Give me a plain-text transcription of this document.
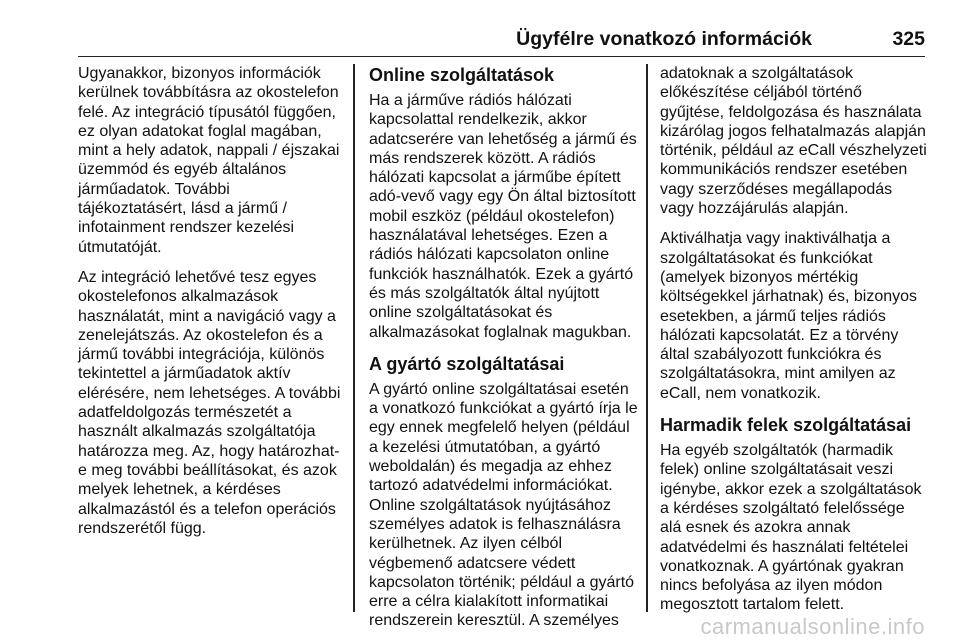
Ügyfélre vonatkozó információk	325
Ugyanakkor, bizonyos információk
kerülnek továbbításra az okostelefon
felé. Az integráció típusától függően,
ez olyan adatokat foglal magában,
mint a hely adatok, nappali / éjszakai
üzemmód és egyéb általános
járműadatok. További
tájékoztatásért, lásd a jármű /
infotainment rendszer kezelési
útmutatóját.
Az integráció lehetővé tesz egyes
okostelefonos alkalmazások
használatát, mint a navigáció vagy a
zenelejátszás. Az okostelefon és a
jármű további integrációja, különös
tekintettel a járműadatok aktív
elérésére, nem lehetséges. A további
adatfeldolgozás természetét a
használt alkalmazás szolgáltatója
határozza meg. Az, hogy határozhat-
e meg további beállításokat, és azok
melyek lehetnek, a kérdéses
alkalmazástól és a telefon operációs
rendszerétől függ.
Online szolgáltatások
Ha a járműve rádiós hálózati
kapcsolattal rendelkezik, akkor
adatcserére van lehetőség a jármű és
más rendszerek között. A rádiós
hálózati kapcsolat a járműbe épített
adó-vevő vagy egy Ön által biztosított
mobil eszköz (például okostelefon)
használatával lehetséges. Ezen a
rádiós hálózati kapcsolaton online
funkciók használhatók. Ezek a gyártó
és más szolgáltatók által nyújtott
online szolgáltatásokat és
alkalmazásokat foglalnak magukban.
A gyártó szolgáltatásai
A gyártó online szolgáltatásai esetén
a vonatkozó funkciókat a gyártó írja le
egy ennek megfelelő helyen (például
a kezelési útmutatóban, a gyártó
weboldalán) és megadja az ehhez
tartozó adatvédelmi információkat.
Online szolgáltatások nyújtásához
személyes adatok is felhasználásra
kerülhetnek. Az ilyen célból
végbemenő adatcsere védett
kapcsolaton történik; például a gyártó
erre a célra kialakított informatikai
rendszerein keresztül. A személyes
adatoknak a szolgáltatások
előkészítése céljából történő
gyűjtése, feldolgozása és használata
kizárólag jogos felhatalmazás alapján
történik, például az eCall vészhelyzeti
kommunikációs rendszer esetében
vagy szerződéses megállapodás
vagy hozzájárulás alapján.
Aktiválhatja vagy inaktiválhatja a
szolgáltatásokat és funkciókat
(amelyek bizonyos mértékig
költségekkel járhatnak) és, bizonyos
esetekben, a jármű teljes rádiós
hálózati kapcsolatát. Ez a törvény
által szabályozott funkciókra és
szolgáltatásokra, mint amilyen az
eCall, nem vonatkozik.
Harmadik felek szolgáltatásai
Ha egyéb szolgáltatók (harmadik
felek) online szolgáltatásait veszi
igénybe, akkor ezek a szolgáltatások
a kérdéses szolgáltató felelőssége
alá esnek és azokra annak
adatvédelmi és használati feltételei
vonatkoznak. A gyártónak gyakran
nincs befolyása az ilyen módon
megosztott tartalom felett.
carmanualsonline.info
